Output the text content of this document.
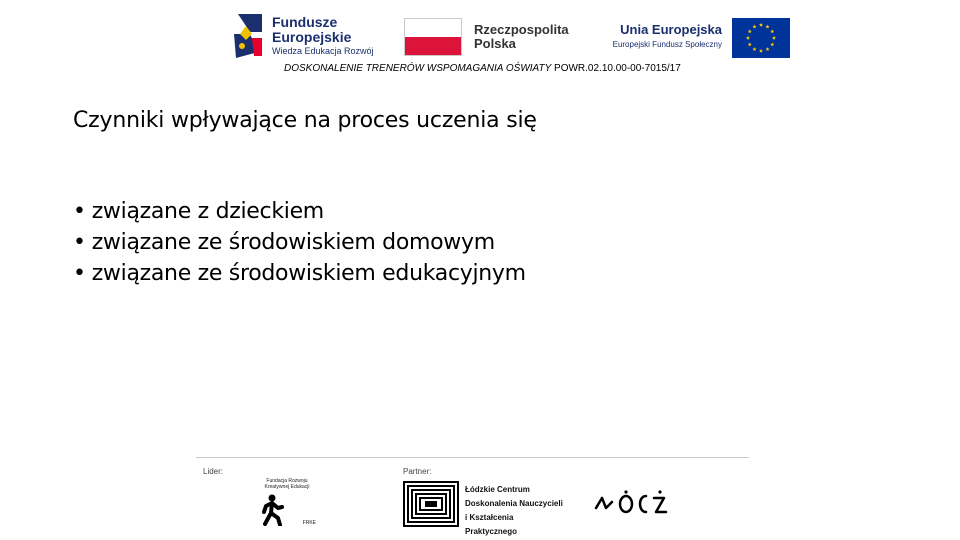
Fundusze
Europejskie
Wiedza Edukacja Rozwój
Rzeczpospolita
Polska
Unia Europejska
Europejski Fundusz Społeczny
DOSKONALENIE TRENERÓW WSPOMAGANIA OŚWIATY POWR.02.10.00-00-7015/17
Czynniki wpływające na proces uczenia się
• związane z dzieckiem
• związane ze środowiskiem domowym
• związane ze środowiskiem edukacyjnym
Lider:	Partner:
Fundacja Rozwoju
Kreatywnej Edukacji
FRKE
Łódzkie Centrum
Doskonalenia Nauczycieli
i Kształcenia Praktycznego
